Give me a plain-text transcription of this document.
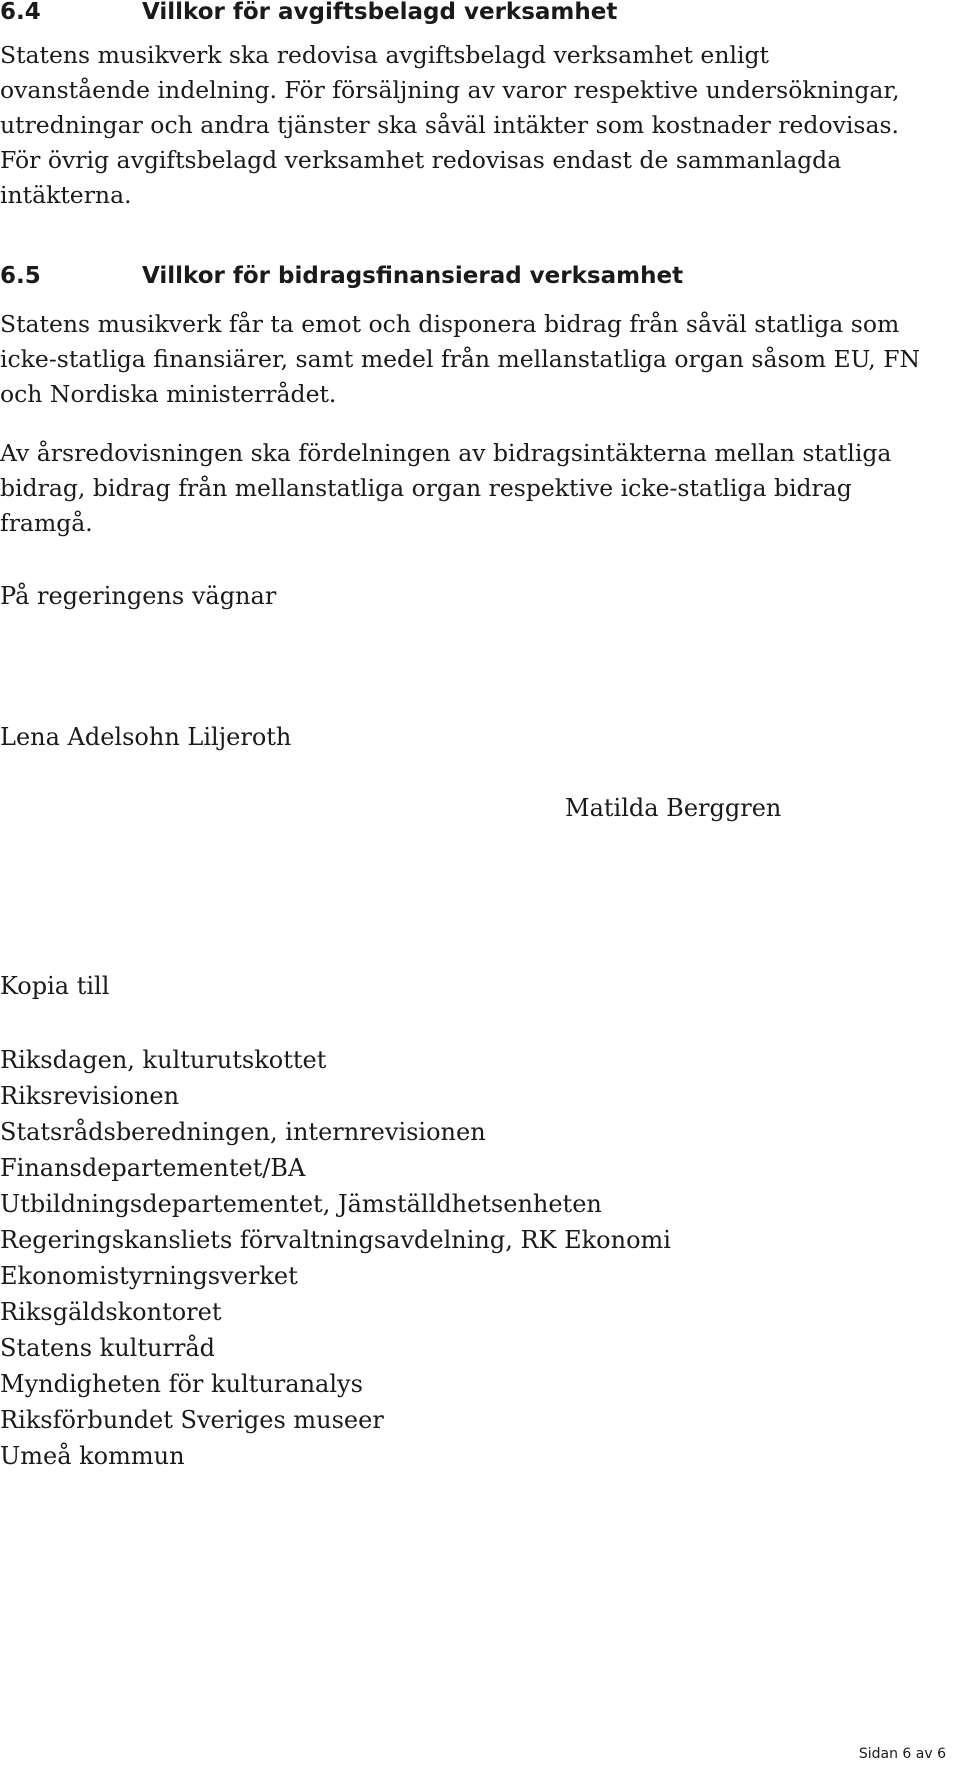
6.4	Villkor för avgiftsbelagd verksamhet

Statens musikverk ska redovisa avgiftsbelagd verksamhet enligt ovanstående indelning. För försäljning av varor respektive undersökningar, utredningar och andra tjänster ska såväl intäkter som kostnader redovisas. För övrig avgiftsbelagd verksamhet redovisas endast de sammanlagda intäkterna.

6.5	Villkor för bidragsfinansierad verksamhet

Statens musikverk får ta emot och disponera bidrag från såväl statliga som icke-statliga finansiärer, samt medel från mellanstatliga organ såsom EU, FN och Nordiska ministerrådet.

Av årsredovisningen ska fördelningen av bidragsintäkterna mellan statliga bidrag, bidrag från mellanstatliga organ respektive icke-statliga bidrag framgå.

På regeringens vägnar
Lena Adelsohn Liljeroth
Matilda Berggren
Kopia till
Riksdagen, kulturutskottet
Riksrevisionen
Statsrådsberedningen, internrevisionen
Finansdepartementet/BA
Utbildningsdepartementet, Jämställdhetsenheten
Regeringskansliets förvaltningsavdelning, RK Ekonomi
Ekonomistyrningsverket
Riksgäldskontoret
Statens kulturråd
Myndigheten för kulturanalys
Riksförbundet Sveriges museer
Umeå kommun
Sidan 6 av 6
